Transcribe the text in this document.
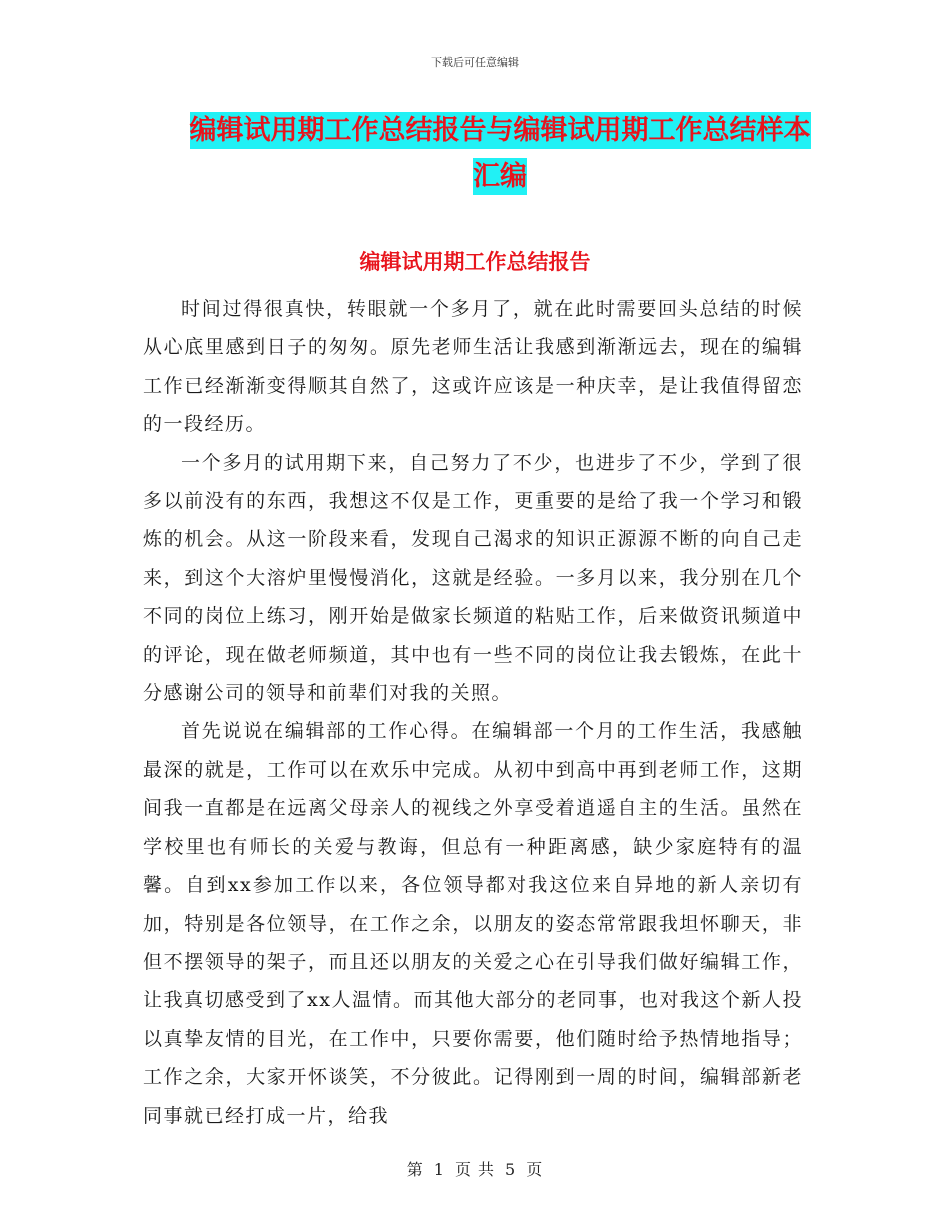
下载后可任意编辑
编辑试用期工作总结报告与编辑试用期工作总结样本
汇编
编辑试用期工作总结报告

时间过得很真快，转眼就一个多月了，就在此时需要回头总结的时候从心底里感到日子的匆匆。原先老师生活让我感到渐渐远去，现在的编辑工作已经渐渐变得顺其自然了，这或许应该是一种庆幸，是让我值得留恋的一段经历。

一个多月的试用期下来，自己努力了不少，也进步了不少，学到了很多以前没有的东西，我想这不仅是工作，更重要的是给了我一个学习和锻炼的机会。从这一阶段来看，发现自己渴求的知识正源源不断的向自己走来，到这个大溶炉里慢慢消化，这就是经验。一多月以来，我分别在几个不同的岗位上练习，刚开始是做家长频道的粘贴工作，后来做资讯频道中的评论，现在做老师频道，其中也有一些不同的岗位让我去锻炼，在此十分感谢公司的领导和前辈们对我的关照。

首先说说在编辑部的工作心得。在编辑部一个月的工作生活，我感触最深的就是，工作可以在欢乐中完成。从初中到高中再到老师工作，这期间我一直都是在远离父母亲人的视线之外享受着逍遥自主的生活。虽然在学校里也有师长的关爱与教诲，但总有一种距离感，缺少家庭特有的温馨。自到xx参加工作以来，各位领导都对我这位来自异地的新人亲切有加，特别是各位领导，在工作之余，以朋友的姿态常常跟我坦怀聊天，非但不摆领导的架子，而且还以朋友的关爱之心在引导我们做好编辑工作，让我真切感受到了xx人温情。而其他大部分的老同事，也对我这个新人投以真挚友情的目光，在工作中，只要你需要，他们随时给予热情地指导；工作之余，大家开怀谈笑，不分彼此。记得刚到一周的时间，编辑部新老同事就已经打成一片，给我

第 1 页 共 5 页
